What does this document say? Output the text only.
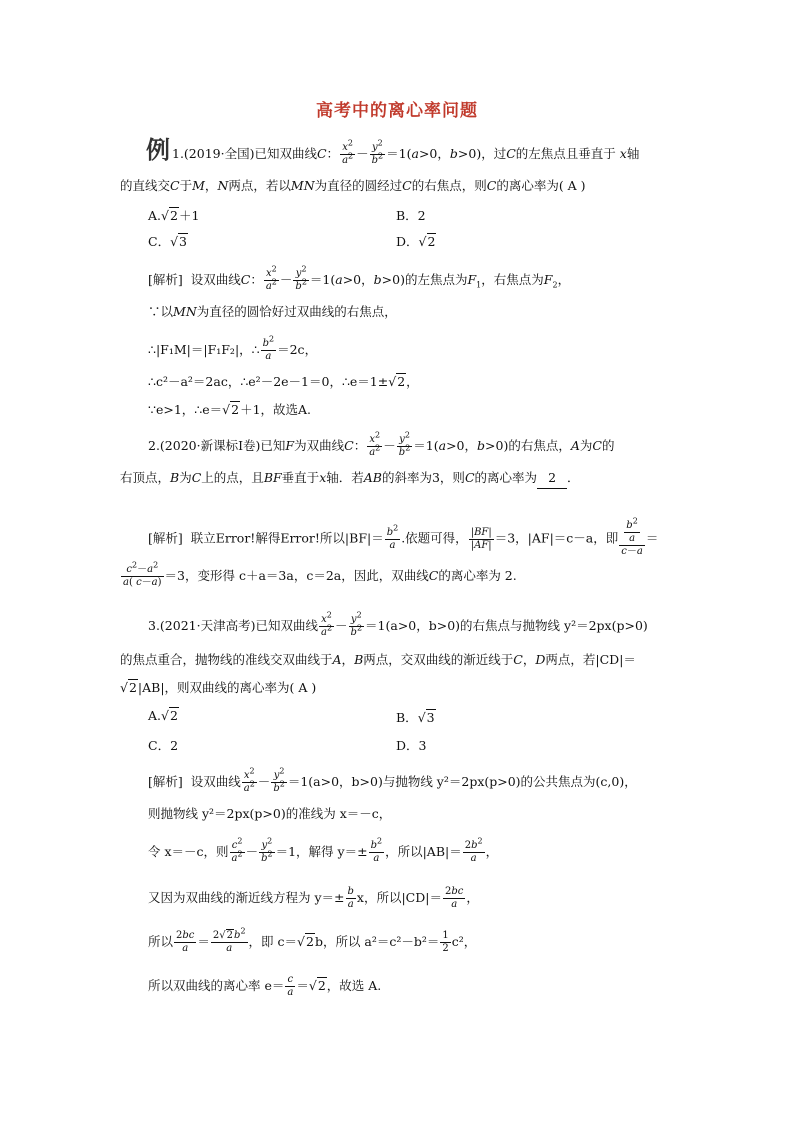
高考中的离心率问题
例 1.(2019·全国)已知双曲线C： $\frac{x^2}{a^2} - \frac{y^2}{b^2} =1(a>0$，b>0)，过C的左焦点且垂直于 x轴
的直线交C于M，N两点，若以MN为直径的圆经过C的右焦点，则C的离心率为( A )
A.√2＋1	B．2
C．√3	D．√2
[解析] 设双曲线C： $\frac{x^2}{a^2} - \frac{y^2}{b^2} =1(a>0$，b>0)的左焦点为$F_1$，右焦点为$F_2$，
∵以MN为直径的圆恰好过双曲线的右焦点，
∴|F₁M|＝|F₁F₂|，∴ $\frac{b^2}{a} =2c$，
∴c²－a²＝2ac，∴e²－2e－1＝0，∴e＝1±√2，
∵e>1，∴e＝√2＋1，故选A.
2.(2020·新课标Ⅰ卷)已知F为双曲线C： $\frac{x^2}{a^2} - \frac{y^2}{b^2} =1(a>0$，b>0)的右焦点，A为C的
右顶点，B为C上的点，且BF垂直于x轴．若AB的斜率为3，则C的离心率为 2 ．
[解析] 联立Error!解得Error!所以$|BF|= \frac{b^2}{a}$ .依题可得， $\frac{|BF|}{|AF|} =3$，|AF|＝c－a，即 $\frac{\frac{b^2}{a}}{c-a}$ ＝
$\frac{c^2-a^2}{a( c-a)} =3$，变形得 c＋a＝3a，c＝2a，因此，双曲线C的离心率为 2.
3.(2021·天津高考)已知双曲线 $\frac{x^2}{a^2} - \frac{y^2}{b^2} =1(a>0$，b>0)的右焦点与抛物线 y²＝2px(p>0)
的焦点重合，抛物线的准线交双曲线于A，B两点，交双曲线的渐近线于C，D两点，若|CD|＝
√2|AB|，则双曲线的离心率为( A )
A.√2	B．√3
C．2	D．3
[解析] 设双曲线 $\frac{x^2}{a^2} - \frac{y^2}{b^2} =1(a>0$，b>0)与抛物线 y²＝2px(p>0)的公共焦点为(c,0)，
则抛物线 y²＝2px(p>0)的准线为 x＝－c，
令 x＝－c，则 $\frac{c^2}{a^2} - \frac{y^2}{b^2} =1$，解得 $y=\pm \frac{b^2}{a}$ ，所以$|AB|= \frac{2b^2}{a}$ ，
又因为双曲线的渐近线方程为 $y=\pm \frac{b}{a}$ x，所以$|CD|= \frac{2bc}{a}$ ，
所以 $\frac{2bc}{a} = \frac{2√2b^2}{a}$ ，即 c＝√2b，所以 $a^2=c^2-b^2= \frac{1}{2} c^2$，
所以双曲线的离心率 $e= \frac{c}{a} =√2$，故选 A.
